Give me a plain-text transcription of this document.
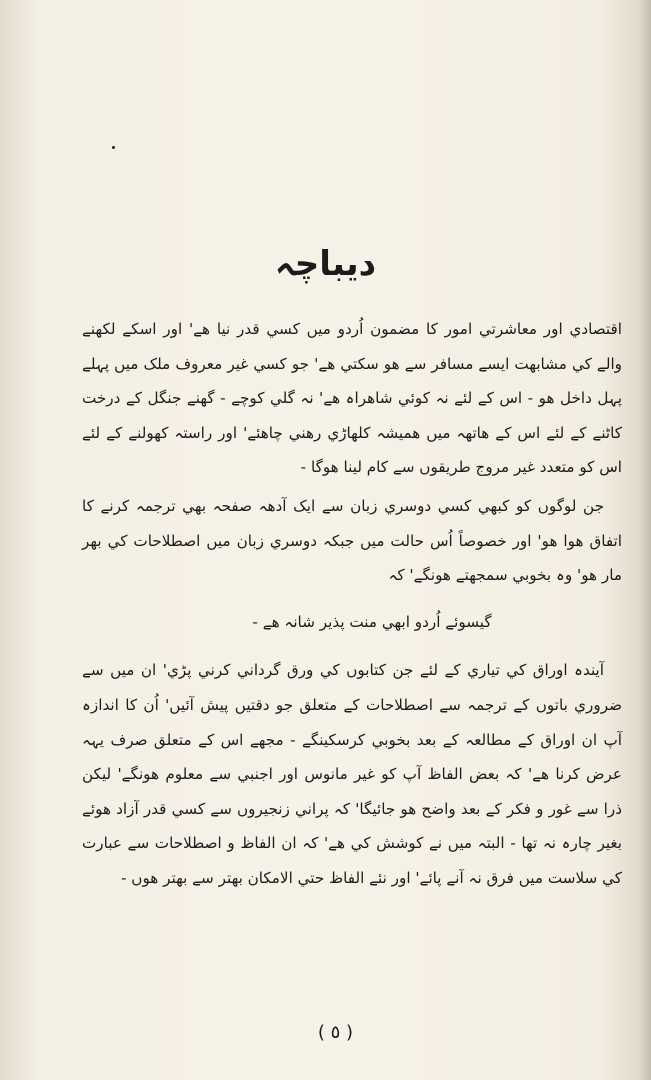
دیباچہ

اقتصادي اور معاشرتي امور کا مضمون اُردو ميں کسي قدر نيا هے' اور اسکے لکھنے والے کي مشابهت ايسے مسافر سے هو سکتي هے' جو کسي غير معروف ملک ميں پہلے پہل داخل هو - اس کے لئے نہ کوئي شاهراہ هے' نہ گلي کوچے - گھنے جنگل کے درخت کاٹنے کے لئے اس کے هاتھہ ميں هميشہ کلهاڑي رهني چاهئے' اور راستہ کهولنے کے لئے اس کو متعدد غير مروج طريقوں سے کام لينا هوگا -

جن لوگوں کو کبهي کسي دوسري زبان سے ايک آدهہ صفحہ بهي ترجمہ کرنے کا اتفاق هوا هو' اور خصوصاً اُس حالت ميں جبکہ دوسري زبان ميں اصطلاحات کي بهر مار هو' وہ بخوبي سمجهتے هونگے' کہ

گيسوئے اُردو ابهي منت پذير شانہ هے -

آيندہ اوراق کي تياري کے لئے جن کتابوں کي ورق گرداني کرني پڑي' ان ميں سے ضروري باتوں کے ترجمہ سے اصطلاحات کے متعلق جو دقتيں پيش آئيں' اُن کا اندازہ آپ ان اوراق کے مطالعہ کے بعد بخوبي کرسکينگے - مجهے اس کے متعلق صرف يہہ عرض کرنا هے' کہ بعض الفاظ آپ کو غير مانوس اور اجنبي سے معلوم هونگے' ليکن ذرا سے غور و فکر کے بعد واضح هو جائيگا' کہ پراني زنجيروں سے کسي قدر آزاد هوئے بغير چارہ نہ تها - البتہ ميں نے کوشش کي هے' کہ ان الفاظ و اصطلاحات سے عبارت کي سلاست ميں فرق نہ آنے پائے' اور نئے الفاظ حتي الامکان بهتر سے بهتر هوں -

( ٥ )
